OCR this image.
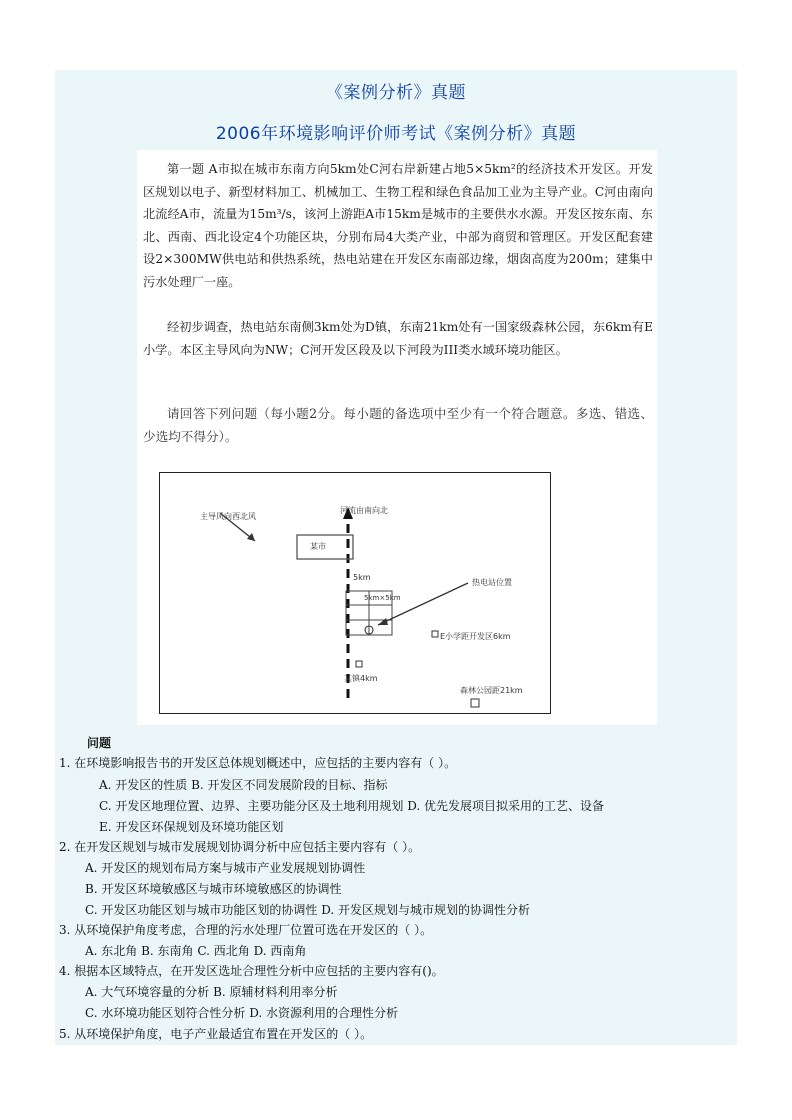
《案例分析》真题
2006年环境影响评价师考试《案例分析》真题

第一题 A市拟在城市东南方向5km处C河右岸新建占地5×5km²的经济技术开发区。开发区规划以电子、新型材料加工、机械加工、生物工程和绿色食品加工业为主导产业。C河由南向北流经A市，流量为15m³/s，该河上游距A市15km是城市的主要供水水源。开发区按东南、东北、西南、西北设定4个功能区块，分别布局4大类产业，中部为商贸和管理区。开发区配套建设2×300MW供电站和供热系统，热电站建在开发区东南部边缘，烟囱高度为200m；建集中污水处理厂一座。

经初步调查，热电站东南侧3km处为D镇，东南21km处有一国家级森林公园，东6km有E小学。本区主导风向为NW；C河开发区段及以下河段为III类水域环境功能区。

请回答下列问题（每小题2分。每小题的备选项中至少有一个符合题意。多选、错选、少选均不得分）。

主导风向西北风
河流由南向北
某市
5km
5km×5km
热电站位置
E小学距开发区6km
某镇4km
森林公园距21km
问题
1. 在环境影响报告书的开发区总体规划概述中，应包括的主要内容有（ ）。
A. 开发区的性质 B. 开发区不同发展阶段的目标、指标
C. 开发区地理位置、边界、主要功能分区及土地利用规划 D. 优先发展项目拟采用的工艺、设备
E. 开发区环保规划及环境功能区划
2. 在开发区规划与城市发展规划协调分析中应包括主要内容有（ ）。
A. 开发区的规划布局方案与城市产业发展规划协调性
B. 开发区环境敏感区与城市环境敏感区的协调性
C. 开发区功能区划与城市功能区划的协调性 D. 开发区规划与城市规划的协调性分析
3. 从环境保护角度考虑，合理的污水处理厂位置可选在开发区的（ ）。
A. 东北角 B. 东南角 C. 西北角 D. 西南角
4. 根据本区域特点，在开发区选址合理性分析中应包括的主要内容有()。
A. 大气环境容量的分析 B. 原辅材料利用率分析
C. 水环境功能区划符合性分析 D. 水资源利用的合理性分析
5. 从环境保护角度，电子产业最适宜布置在开发区的（ ）。
